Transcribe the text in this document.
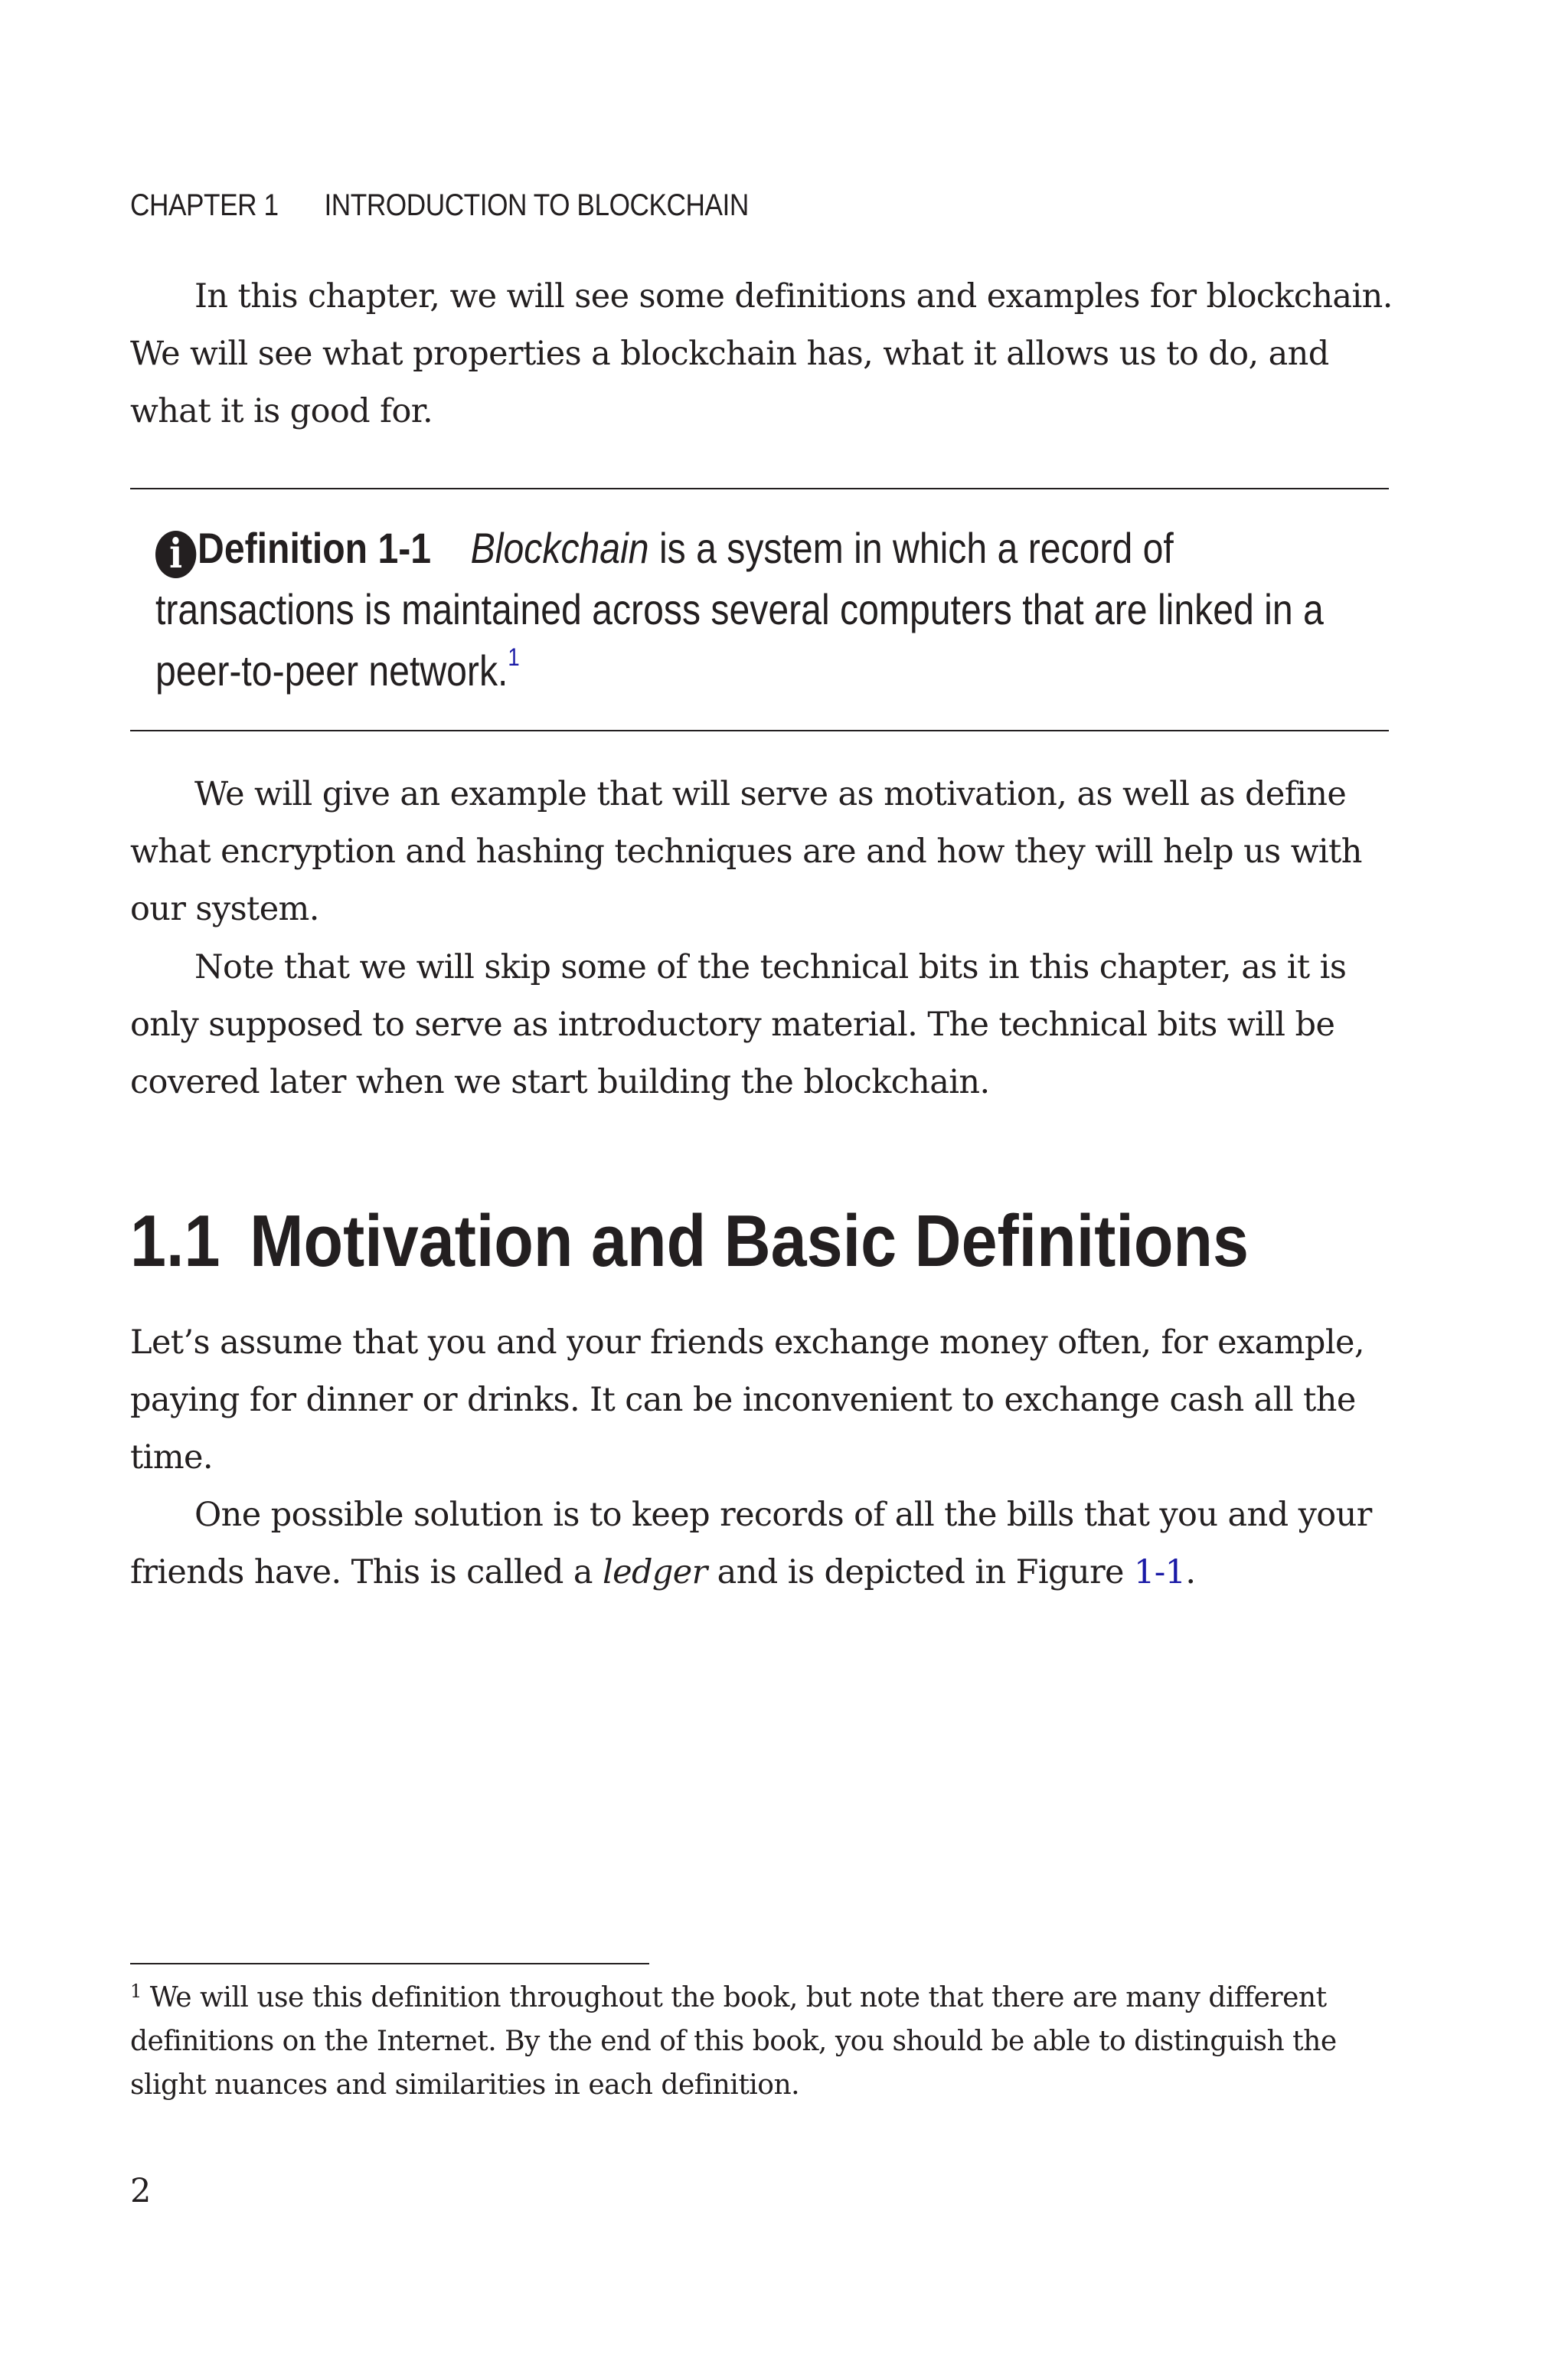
CHAPTER 1 INTRODUCTION TO BLOCKCHAIN

In this chapter, we will see some definitions and examples for blockchain. We will see what properties a blockchain has, what it allows us to do, and what it is good for.

i Definition 1-1 Blockchain is a system in which a record of transactions is maintained across several computers that are linked in a peer-to-peer network.$^1$

We will give an example that will serve as motivation, as well as define what encryption and hashing techniques are and how they will help us with our system.

Note that we will skip some of the technical bits in this chapter, as it is only supposed to serve as introductory material. The technical bits will be covered later when we start building the blockchain.

1.1 Motivation and Basic Definitions

Let’s assume that you and your friends exchange money often, for example, paying for dinner or drinks. It can be inconvenient to exchange cash all the time.

One possible solution is to keep records of all the bills that you and your friends have. This is called a ledger and is depicted in Figure 1-1.

$^1$ We will use this definition throughout the book, but note that there are many different definitions on the Internet. By the end of this book, you should be able to distinguish the slight nuances and similarities in each definition.
2
